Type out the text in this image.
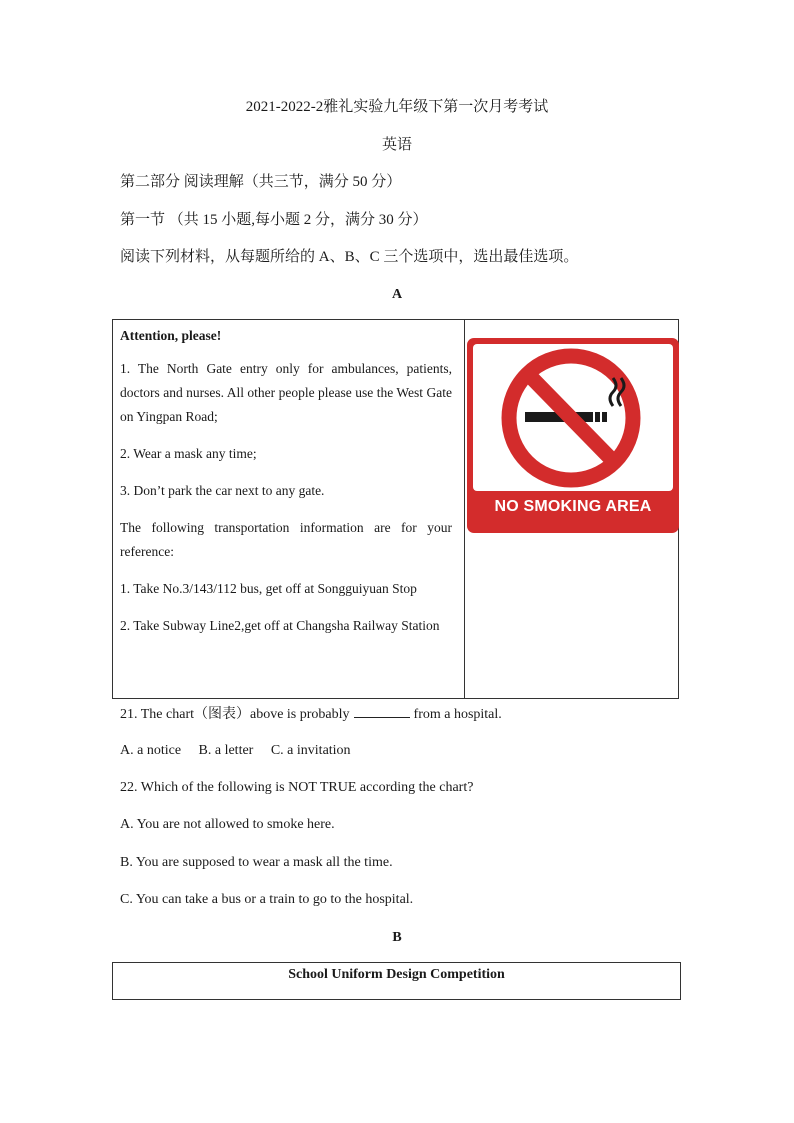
2021-2022-2雅礼实验九年级下第一次月考考试
英语
第二部分 阅读理解（共三节，满分 50 分）
第一节 （共 15 小题,每小题 2 分，满分 30 分）
阅读下列材料，从每题所给的 A、B、C 三个选项中，选出最佳选项。
A

Attention, please!

1. The North Gate entry only for ambulances, patients, doctors and nurses. All other people please use the West Gate on Yingpan Road;

2. Wear a mask any time;

3. Don’t park the car next to any gate.

The following transportation information are for your reference:

1. Take No.3/143/112 bus, get off at Songguiyuan Stop

2. Take Subway Line2,get off at Changsha Railway Station

NO SMOKING AREA
21. The chart（图表）above is probably	from a hospital.
A. a notice B. a letter C. a invitation
22. Which of the following is NOT TRUE according the chart?
A. You are not allowed to smoke here.
B. You are supposed to wear a mask all the time.
C. You can take a bus or a train to go to the hospital.
B
School Uniform Design Competition
